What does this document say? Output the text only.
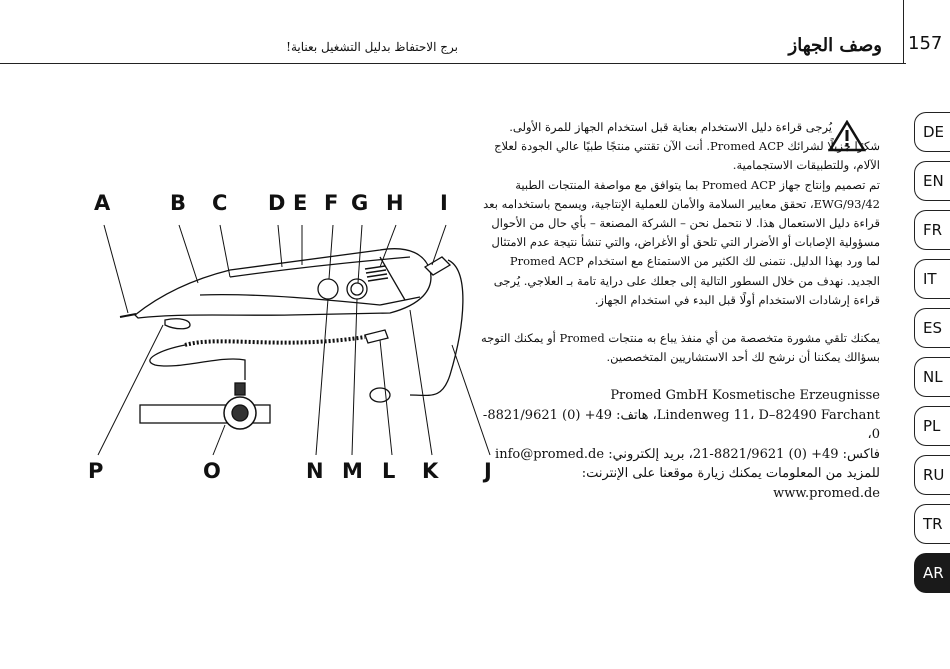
157
وصف الجهاز
برج الاحتفاظ بدليل التشغيل بعناية!
DE
EN
FR
IT
ES
NL
PL
RU
TR
AR
A	B C D E F G H I
P	O	N M L K J

يُرجى قراءة دليل الاستخدام بعناية قبل استخدام الجهاز للمرة الأولى.

شكرًا جزيلًا لشرائك Promed ACP. أنت الآن تقتني منتجًا طبيًا عالي الجودة لعلاج الآلام، وللتطبيقات الاستجمامية.

تم تصميم وإنتاج جهاز Promed ACP بما يتوافق مع مواصفة المنتجات الطبية EWG/93/42، تحقق معايير السلامة والأمان للعملية الإنتاجية، ويسمح باستخدامه بعد قراءة دليل الاستعمال هذا. لا نتحمل نحن – الشركة المصنعة – بأي حال من الأحوال مسؤولية الإصابات أو الأضرار التي تلحق أو الأغراض، والتي تنشأ نتيجة عدم الامتثال لما ورد بهذا الدليل. نتمنى لك الكثير من الاستمتاع مع استخدام Promed ACP الجديد. نهدف من خلال السطور التالية إلى جعلك على دراية تامة بـ العلاجي. يُرجى قراءة إرشادات الاستخدام أولًا قبل البدء في استخدام الجهاز.

يمكنك تلقي مشورة متخصصة من أي منفذ يباع به منتجات Promed أو يمكنك التوجه بسؤالك يمكننا أن نرشح لك أحد الاستشاريين المتخصصين.

Promed GmbH Kosmetische Erzeugnisse

Lindenweg 11، D–82490 Farchant، هاتف: 49+ (0) 8821/9621-0،

فاكس: 49+ (0) 8821/9621-21، بريد إلكتروني: info@promed.de

للمزيد من المعلومات يمكنك زيارة موقعنا على الإنترنت:

www.promed.de
